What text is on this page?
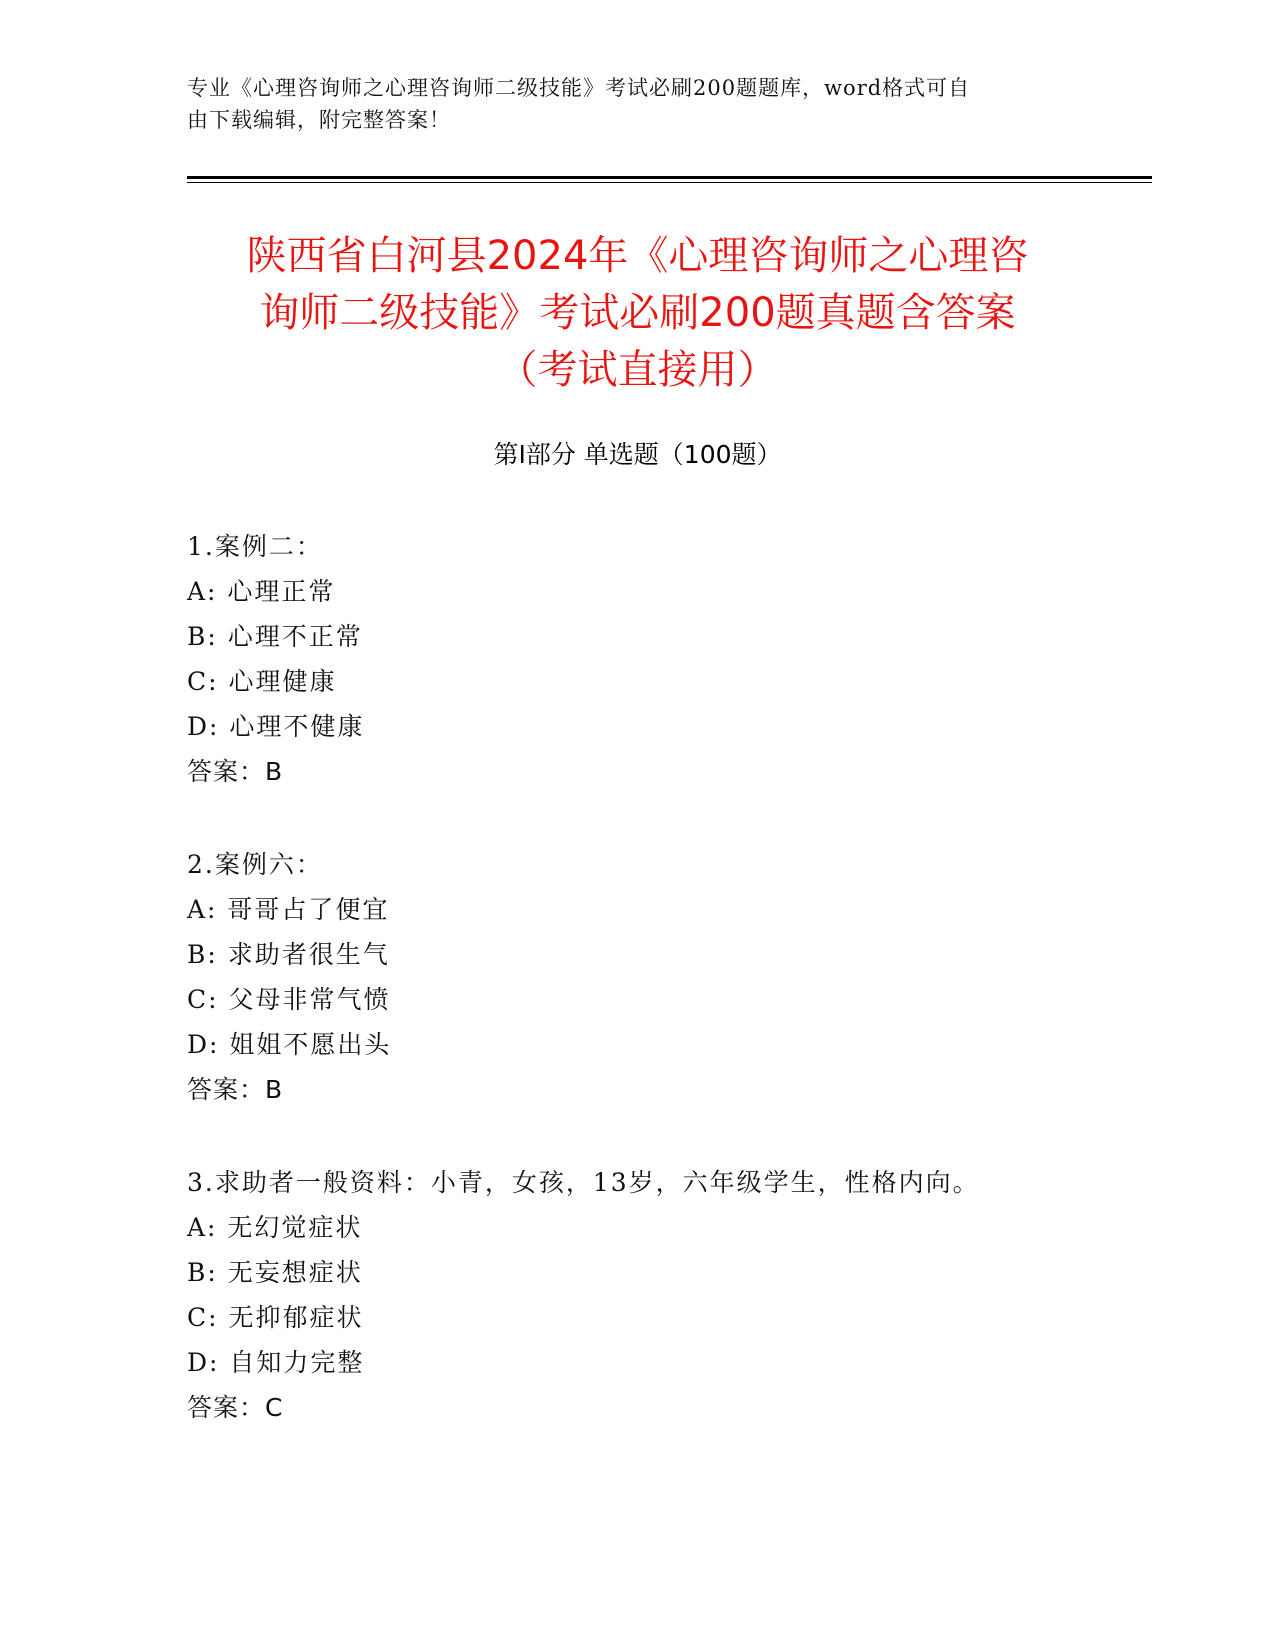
专业《心理咨询师之心理咨询师二级技能》考试必刷200题题库，word格式可自
由下载编辑，附完整答案！
陕西省白河县2024年《心理咨询师之心理咨
询师二级技能》考试必刷200题真题含答案
（考试直接用）
第Ⅰ部分 单选题（100题）
1.案例二：
A: 心理正常
B: 心理不正常
C: 心理健康
D: 心理不健康
答案：B
2.案例六：
A: 哥哥占了便宜
B: 求助者很生气
C: 父母非常气愤
D: 姐姐不愿出头
答案：B
3.求助者一般资料：小青，女孩，13岁，六年级学生，性格内向。
A: 无幻觉症状
B: 无妄想症状
C: 无抑郁症状
D: 自知力完整
答案：C
